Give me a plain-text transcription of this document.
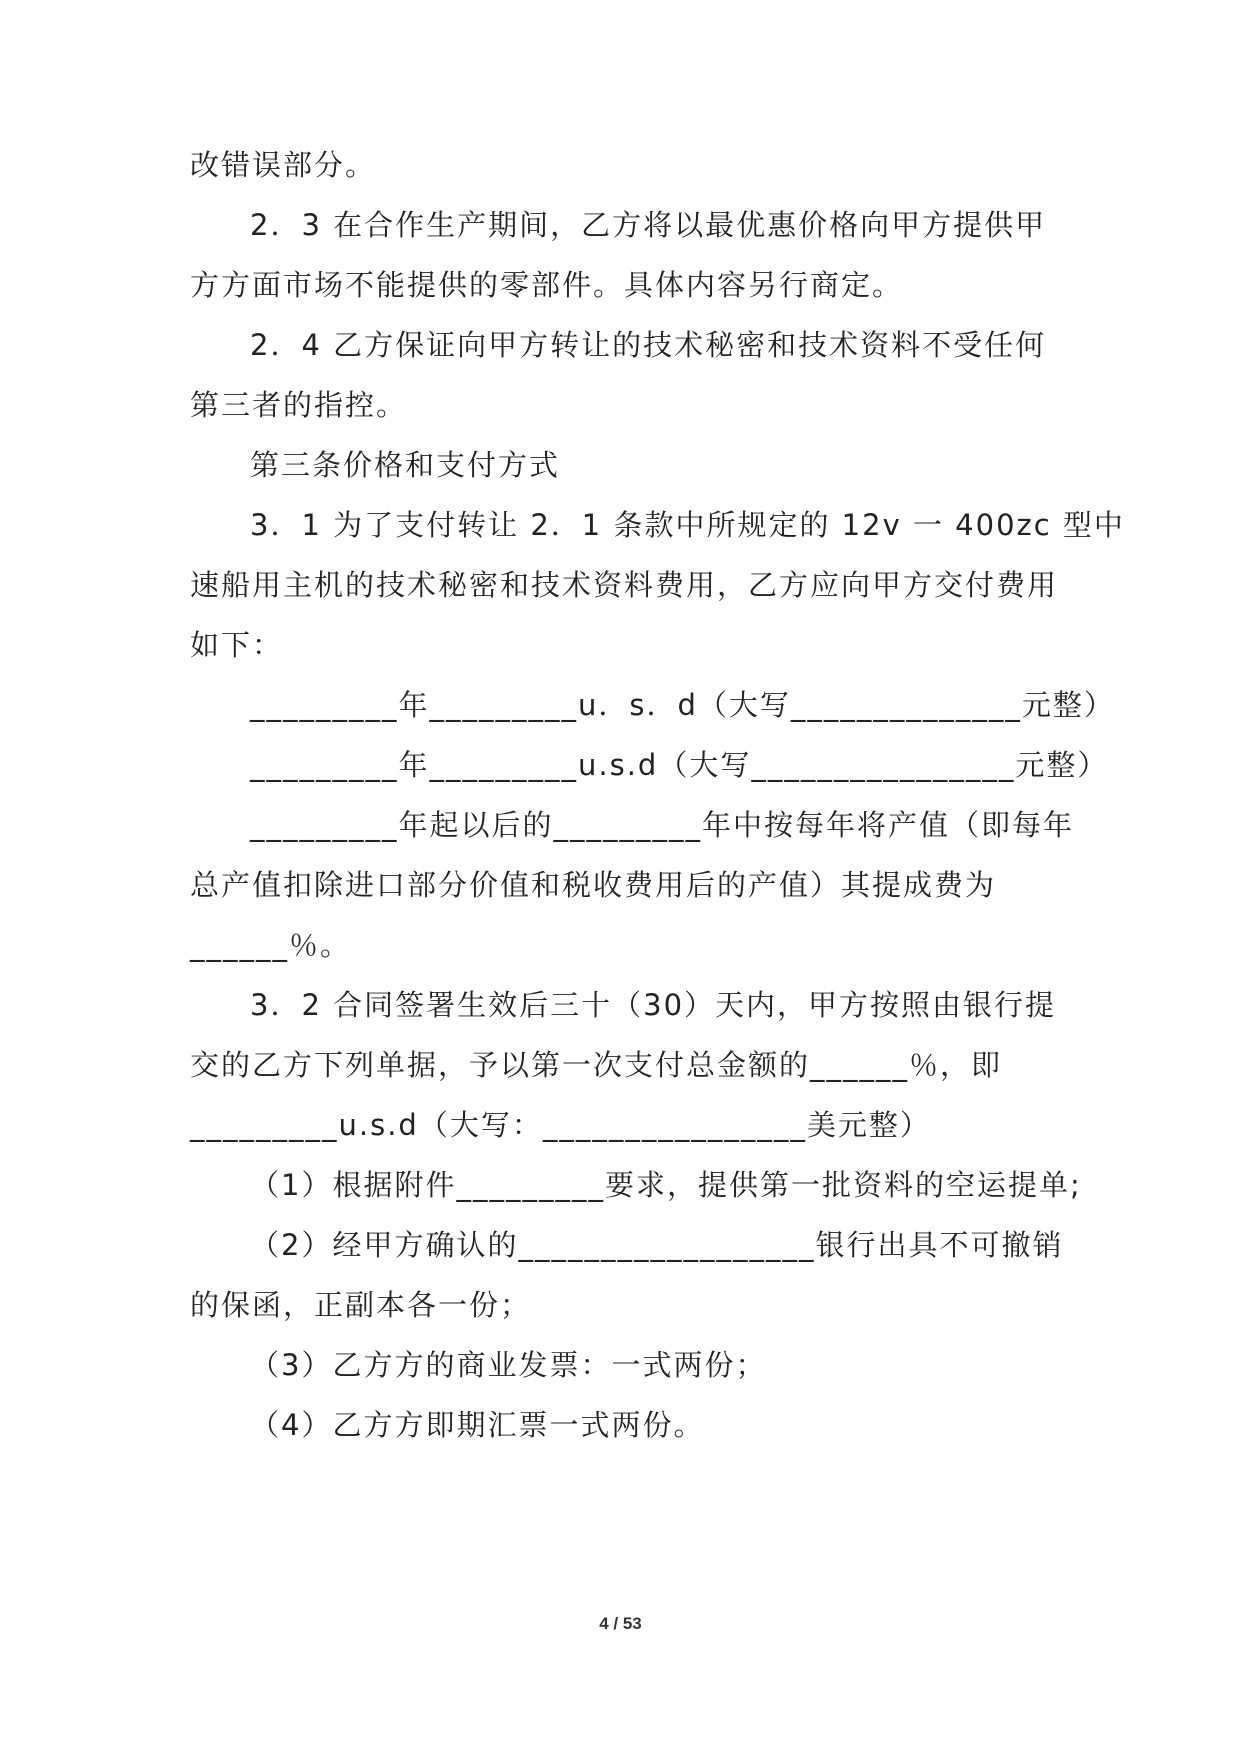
改错误部分。
2．3 在合作生产期间，乙方将以最优惠价格向甲方提供甲
方方面市场不能提供的零部件。具体内容另行商定。
2．4 乙方保证向甲方转让的技术秘密和技术资料不受任何
第三者的指控。
第三条价格和支付方式
3．1 为了支付转让 2．1 条款中所规定的 12v 一 400zc 型中
速船用主机的技术秘密和技术资料费用，乙方应向甲方交付费用
如下：
_________年_________u．s．d（大写______________元整）
_________年_________u.s.d（大写________________元整）
_________年起以后的_________年中按每年将产值（即每年
总产值扣除进口部分价值和税收费用后的产值）其提成费为
______％。
3．2 合同签署生效后三十（30）天内，甲方按照由银行提
交的乙方下列单据，予以第一次支付总金额的______％，即
_________u.s.d（大写：________________美元整）
（1）根据附件_________要求，提供第一批资料的空运提单;
（2）经甲方确认的__________________银行出具不可撤销
的保函，正副本各一份；
（3）乙方方的商业发票：一式两份；
（4）乙方方即期汇票一式两份。
4 / 53
